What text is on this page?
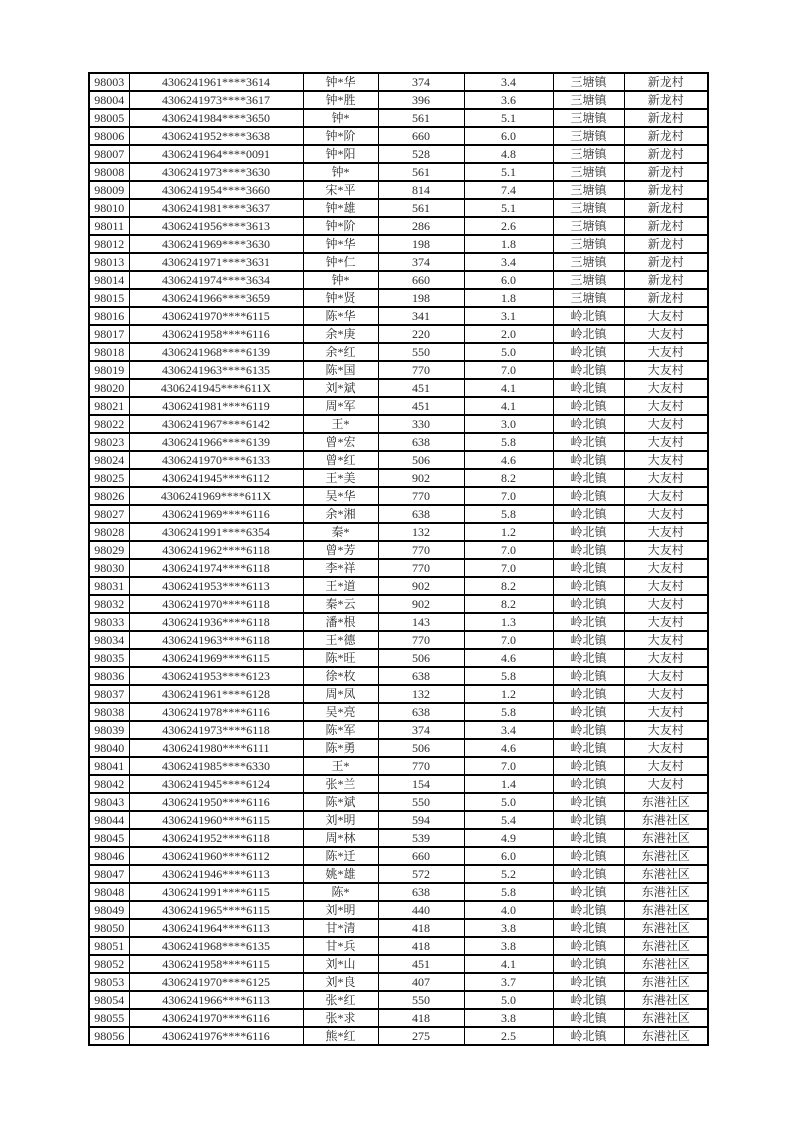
98003	4306241961****3614	钟*华	374	3.4	三塘镇	新龙村
98004	4306241973****3617	钟*胜	396	3.6	三塘镇	新龙村
98005	4306241984****3650	钟*	561	5.1	三塘镇	新龙村
98006	4306241952****3638	钟*阶	660	6.0	三塘镇	新龙村
98007	4306241964****0091	钟*阳	528	4.8	三塘镇	新龙村
98008	4306241973****3630	钟*	561	5.1	三塘镇	新龙村
98009	4306241954****3660	宋*平	814	7.4	三塘镇	新龙村
98010	4306241981****3637	钟*雄	561	5.1	三塘镇	新龙村
98011	4306241956****3613	钟*阶	286	2.6	三塘镇	新龙村
98012	4306241969****3630	钟*华	198	1.8	三塘镇	新龙村
98013	4306241971****3631	钟*仁	374	3.4	三塘镇	新龙村
98014	4306241974****3634	钟*	660	6.0	三塘镇	新龙村
98015	4306241966****3659	钟*贤	198	1.8	三塘镇	新龙村
98016	4306241970****6115	陈*华	341	3.1	岭北镇	大友村
98017	4306241958****6116	余*庚	220	2.0	岭北镇	大友村
98018	4306241968****6139	余*红	550	5.0	岭北镇	大友村
98019	4306241963****6135	陈*国	770	7.0	岭北镇	大友村
98020	4306241945****611X	刘*斌	451	4.1	岭北镇	大友村
98021	4306241981****6119	周*军	451	4.1	岭北镇	大友村
98022	4306241967****6142	王*	330	3.0	岭北镇	大友村
98023	4306241966****6139	曾*宏	638	5.8	岭北镇	大友村
98024	4306241970****6133	曾*红	506	4.6	岭北镇	大友村
98025	4306241945****6112	王*美	902	8.2	岭北镇	大友村
98026	4306241969****611X	吴*华	770	7.0	岭北镇	大友村
98027	4306241969****6116	余*湘	638	5.8	岭北镇	大友村
98028	4306241991****6354	秦*	132	1.2	岭北镇	大友村
98029	4306241962****6118	曾*芳	770	7.0	岭北镇	大友村
98030	4306241974****6118	李*祥	770	7.0	岭北镇	大友村
98031	4306241953****6113	王*道	902	8.2	岭北镇	大友村
98032	4306241970****6118	秦*云	902	8.2	岭北镇	大友村
98033	4306241936****6118	潘*根	143	1.3	岭北镇	大友村
98034	4306241963****6118	王*德	770	7.0	岭北镇	大友村
98035	4306241969****6115	陈*旺	506	4.6	岭北镇	大友村
98036	4306241953****6123	徐*枚	638	5.8	岭北镇	大友村
98037	4306241961****6128	周*凤	132	1.2	岭北镇	大友村
98038	4306241978****6116	吴*亮	638	5.8	岭北镇	大友村
98039	4306241973****6118	陈*军	374	3.4	岭北镇	大友村
98040	4306241980****6111	陈*勇	506	4.6	岭北镇	大友村
98041	4306241985****6330	王*	770	7.0	岭北镇	大友村
98042	4306241945****6124	张*兰	154	1.4	岭北镇	大友村
98043	4306241950****6116	陈*斌	550	5.0	岭北镇	东港社区
98044	4306241960****6115	刘*明	594	5.4	岭北镇	东港社区
98045	4306241952****6118	周*林	539	4.9	岭北镇	东港社区
98046	4306241960****6112	陈*迁	660	6.0	岭北镇	东港社区
98047	4306241946****6113	姚*雄	572	5.2	岭北镇	东港社区
98048	4306241991****6115	陈*	638	5.8	岭北镇	东港社区
98049	4306241965****6115	刘*明	440	4.0	岭北镇	东港社区
98050	4306241964****6113	甘*清	418	3.8	岭北镇	东港社区
98051	4306241968****6135	甘*兵	418	3.8	岭北镇	东港社区
98052	4306241958****6115	刘*山	451	4.1	岭北镇	东港社区
98053	4306241970****6125	刘*良	407	3.7	岭北镇	东港社区
98054	4306241966****6113	张*红	550	5.0	岭北镇	东港社区
98055	4306241970****6116	张*求	418	3.8	岭北镇	东港社区
98056	4306241976****6116	熊*红	275	2.5	岭北镇	东港社区
